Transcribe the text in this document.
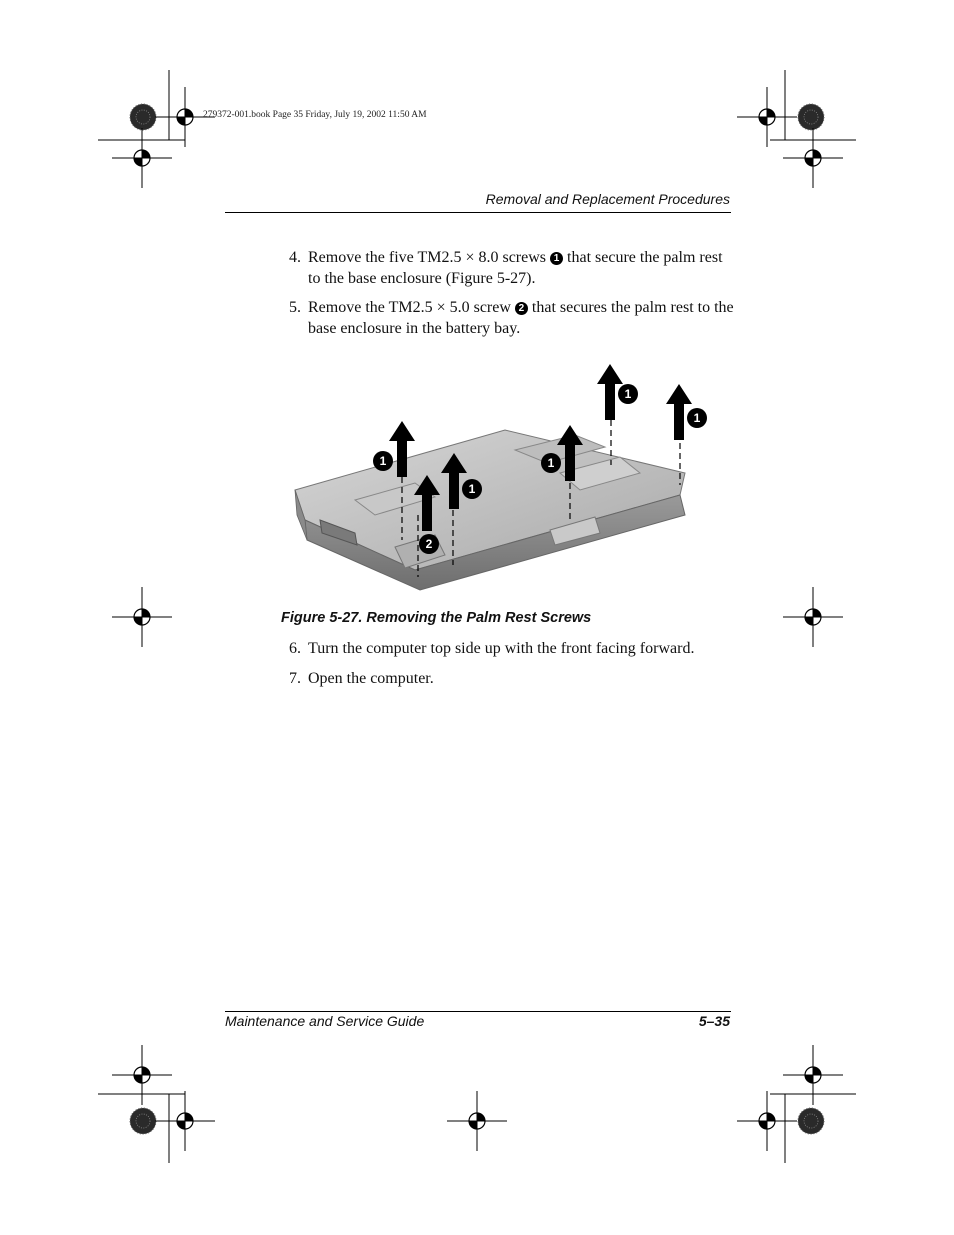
279372-001.book Page 35 Friday, July 19, 2002 11:50 AM
Removal and Replacement Procedures
4. Remove the five TM2.5 × 8.0 screws 1 that secure the palm rest to the base enclosure (Figure 5-27).
5. Remove the TM2.5 × 5.0 screw 2 that secures the palm rest to the base enclosure in the battery bay.
1
2
1
1
1
1
Figure 5-27. Removing the Palm Rest Screws
6. Turn the computer top side up with the front facing forward.
7. Open the computer.
Maintenance and Service Guide	5–35
